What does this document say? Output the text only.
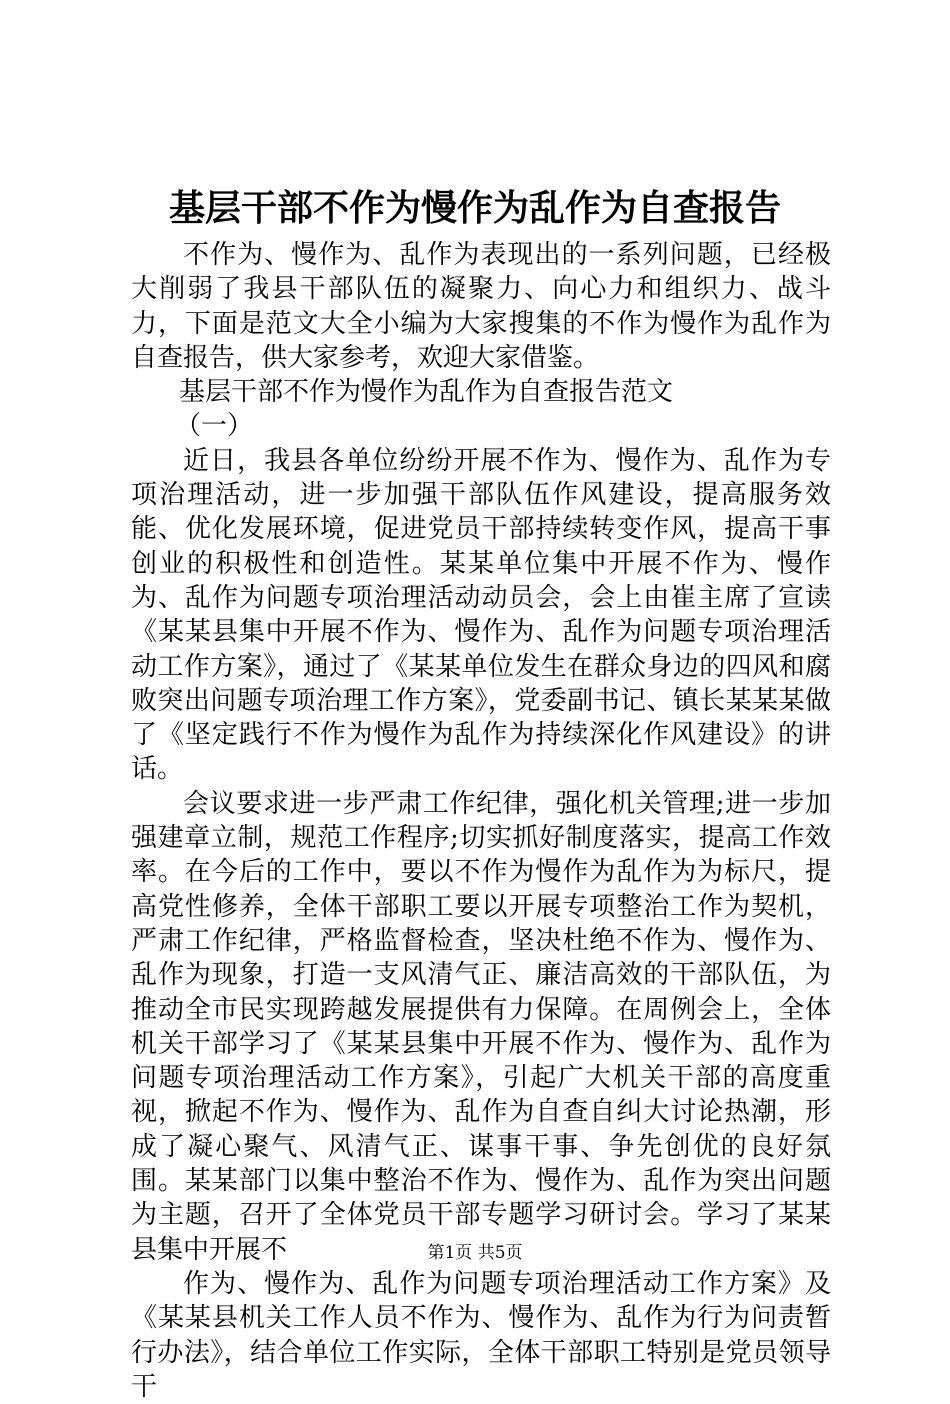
基层干部不作为慢作为乱作为自查报告

不作为、慢作为、乱作为表现出的一系列问题，已经极大削弱了我县干部队伍的凝聚力、向心力和组织力、战斗力，下面是范文大全小编为大家搜集的不作为慢作为乱作为自查报告，供大家参考，欢迎大家借鉴。

基层干部不作为慢作为乱作为自查报告范文

（一）

近日，我县各单位纷纷开展不作为、慢作为、乱作为专项治理活动，进一步加强干部队伍作风建设，提高服务效能、优化发展环境，促进党员干部持续转变作风，提高干事创业的积极性和创造性。某某单位集中开展不作为、慢作为、乱作为问题专项治理活动动员会，会上由崔主席了宣读《某某县集中开展不作为、慢作为、乱作为问题专项治理活动工作方案》，通过了《某某单位发生在群众身边的四风和腐败突出问题专项治理工作方案》，党委副书记、镇长某某某做了《坚定践行不作为慢作为乱作为持续深化作风建设》的讲话。

会议要求进一步严肃工作纪律，强化机关管理;进一步加强建章立制，规范工作程序;切实抓好制度落实，提高工作效率。在今后的工作中，要以不作为慢作为乱作为为标尺，提高党性修养，全体干部职工要以开展专项整治工作为契机，严肃工作纪律，严格监督检查，坚决杜绝不作为、慢作为、乱作为现象，打造一支风清气正、廉洁高效的干部队伍，为推动全市民实现跨越发展提供有力保障。在周例会上，全体机关干部学习了《某某县集中开展不作为、慢作为、乱作为问题专项治理活动工作方案》，引起广大机关干部的高度重视，掀起不作为、慢作为、乱作为自查自纠大讨论热潮，形成了凝心聚气、风清气正、谋事干事、争先创优的良好氛围。某某部门以集中整治不作为、慢作为、乱作为突出问题为主题，召开了全体党员干部专题学习研讨会。学习了某某县集中开展不

作为、慢作为、乱作为问题专项治理活动工作方案》及《某某县机关工作人员不作为、慢作为、乱作为行为问责暂行办法》，结合单位工作实际，全体干部职工特别是党员领导干

第1页 共5页
